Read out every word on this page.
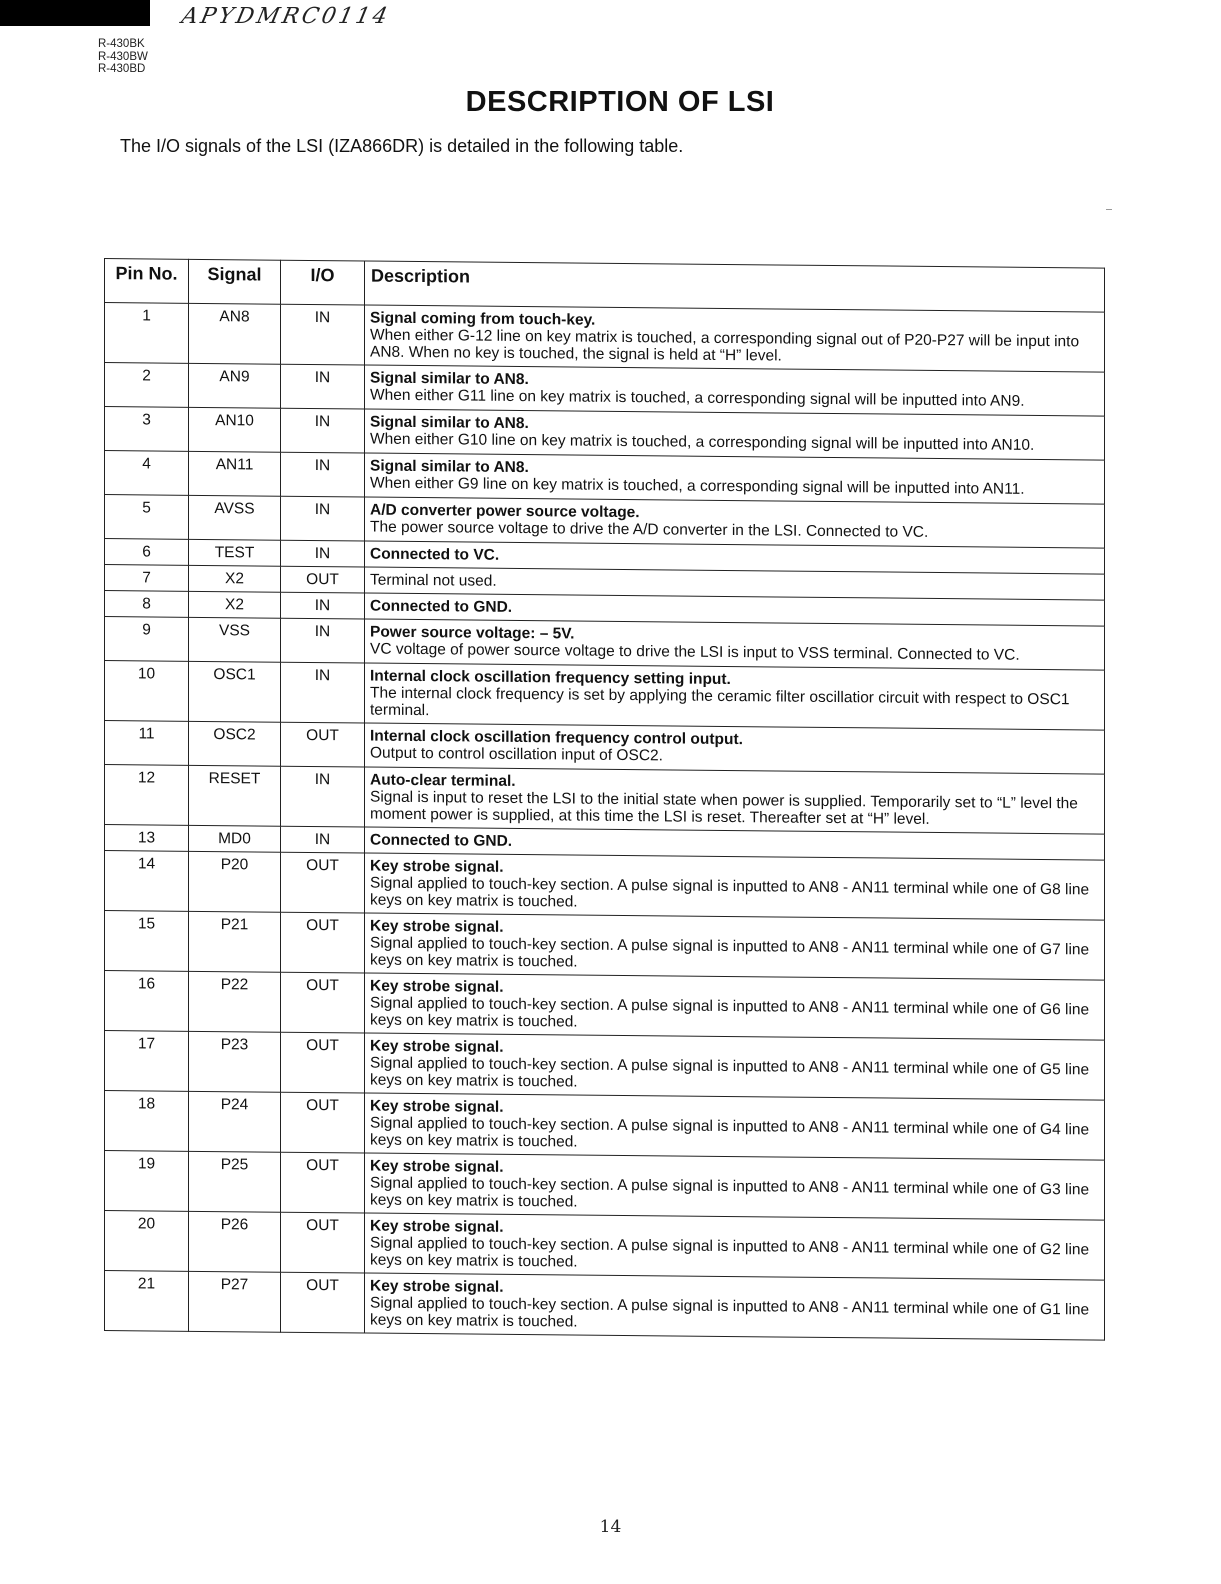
APYDMRC0114
R-430BK
R-430BW
R-430BD
DESCRIPTION OF LSI
The I/O signals of the LSI (IZA866DR) is detailed in the following table.
Pin No.	Signal	I/O	Description
1	AN8	IN	Signal coming from touch-key.
When either G-12 line on key matrix is touched, a corresponding signal out of P20-P27 will be input into AN8. When no key is touched, the signal is held at “H” level.

2	AN9	IN	Signal similar to AN8.
When either G11 line on key matrix is touched, a corresponding signal will be inputted into AN9.

3	AN10	IN	Signal similar to AN8.
When either G10 line on key matrix is touched, a corresponding signal will be inputted into AN10.

4	AN11	IN	Signal similar to AN8.
When either G9 line on key matrix is touched, a corresponding signal will be inputted into AN11.

5	AVSS	IN	A/D converter power source voltage.
The power source voltage to drive the A/D converter in the LSI. Connected to VC.

6	TEST	IN	Connected to VC.

7	X2	OUT	Terminal not used.

8	X2	IN	Connected to GND.

9	VSS	IN	Power source voltage: – 5V.
VC voltage of power source voltage to drive the LSI is input to VSS terminal. Connected to VC.

10	OSC1	IN	Internal clock oscillation frequency setting input.
The internal clock frequency is set by applying the ceramic filter oscillatior circuit with respect to OSC1 terminal.

11	OSC2	OUT	Internal clock oscillation frequency control output.
Output to control oscillation input of OSC2.

12	RESET	IN	Auto-clear terminal.
Signal is input to reset the LSI to the initial state when power is supplied. Temporarily set to “L” level the moment power is supplied, at this time the LSI is reset. Thereafter set at “H” level.

13	MD0	IN	Connected to GND.

14	P20	OUT	Key strobe signal.
Signal applied to touch-key section. A pulse signal is inputted to AN8 - AN11 terminal while one of G8 line keys on key matrix is touched.

15	P21	OUT	Key strobe signal.
Signal applied to touch-key section. A pulse signal is inputted to AN8 - AN11 terminal while one of G7 line keys on key matrix is touched.

16	P22	OUT	Key strobe signal.
Signal applied to touch-key section. A pulse signal is inputted to AN8 - AN11 terminal while one of G6 line keys on key matrix is touched.

17	P23	OUT	Key strobe signal.
Signal applied to touch-key section. A pulse signal is inputted to AN8 - AN11 terminal while one of G5 line keys on key matrix is touched.

18	P24	OUT	Key strobe signal.
Signal applied to touch-key section. A pulse signal is inputted to AN8 - AN11 terminal while one of G4 line keys on key matrix is touched.

19	P25	OUT	Key strobe signal.
Signal applied to touch-key section. A pulse signal is inputted to AN8 - AN11 terminal while one of G3 line keys on key matrix is touched.

20	P26	OUT	Key strobe signal.
Signal applied to touch-key section. A pulse signal is inputted to AN8 - AN11 terminal while one of G2 line keys on key matrix is touched.

21	P27	OUT	Key strobe signal.
Signal applied to touch-key section. A pulse signal is inputted to AN8 - AN11 terminal while one of G1 line keys on key matrix is touched.
14
